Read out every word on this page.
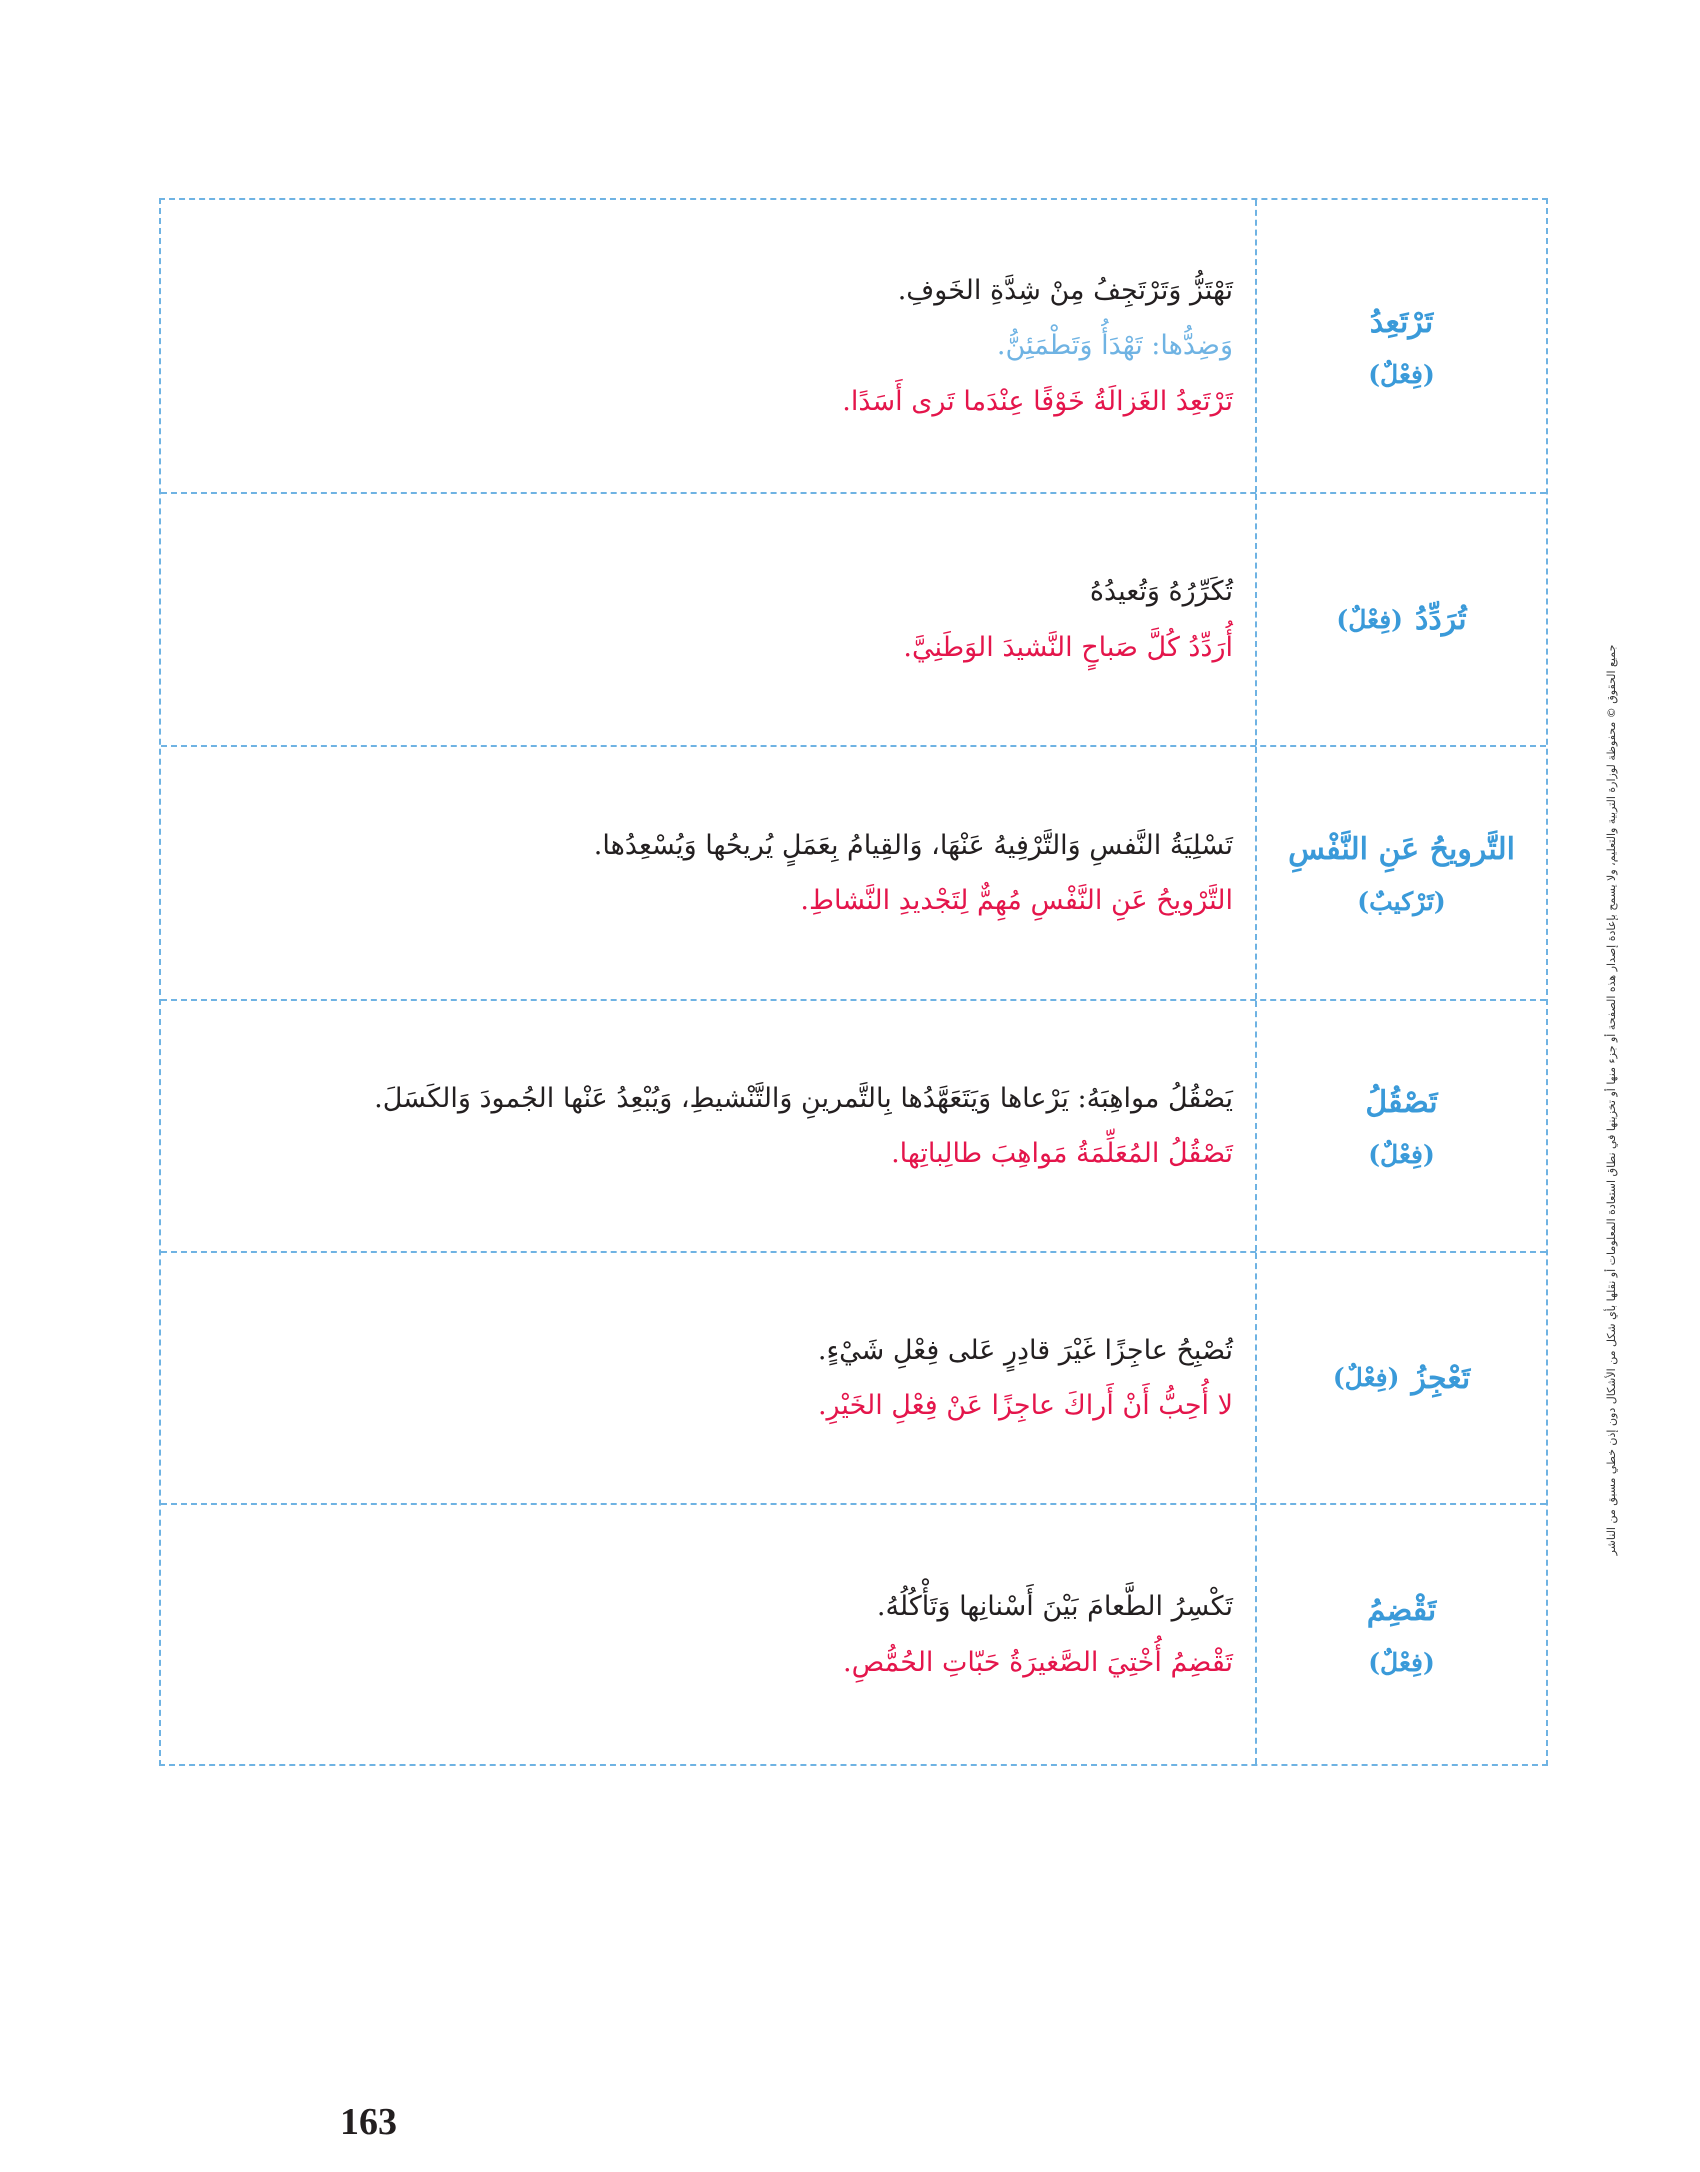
تَرْتَعِدُ
(فِعْلٌ)
تَهْتَزُّ وَتَرْتَجِفُ مِنْ شِدَّةِ الخَوفِ.
وَضِدُّها: تَهْدَأُ وَتَطْمَئِنُّ.
تَرْتَعِدُ الغَزالَةُ خَوْفًا عِنْدَما تَرى أَسَدًا.
تُرَدِّدُ
(فِعْلٌ)
تُكَرِّرُهُ وَتُعيدُهُ
أُرَدِّدُ كُلَّ صَباحٍ النَّشيدَ الوَطَنِيَّ.
التَّرويحُ عَنِ النَّفْسِ
(تَرْكيبٌ)
تَسْلِيَةُ النَّفسِ وَالتَّرْفِيهُ عَنْهَا، وَالقِيامُ بِعَمَلٍ يُريحُها وَيُسْعِدُها.
التَّرْويحُ عَنِ النَّفْسِ مُهِمٌّ لِتَجْديدِ النَّشاطِ.
تَصْقُلُ
(فِعْلٌ)
يَصْقُلُ مواهِبَهُ: يَرْعاها وَيَتَعَهَّدُها بِالتَّمرينِ وَالتَّنْشيطِ، وَيُبْعِدُ عَنْها الجُمودَ وَالكَسَلَ.
تَصْقُلُ المُعَلِّمَةُ مَواهِبَ طالِباتِها.
تَعْجِزُ
(فِعْلٌ)
تُصْبِحُ عاجِزًا غَيْرَ قادِرٍ عَلى فِعْلِ شَيْءٍ.
لا أُحِبُّ أَنْ أَراكَ عاجِزًا عَنْ فِعْلِ الخَيْرِ.
تَقْضِمُ
(فِعْلٌ)
تَكْسِرُ الطَّعامَ بَيْنَ أَسْنانِها وَتَأْكُلُهُ.
تَقْضِمُ أُخْتِيَ الصَّغيرَةُ حَبّاتِ الحُمُّصِ.
جميع الحقوق © محفوظة لوزارة التربية والتعليم، ولا يسمح بإعادة إصدار هذه الصفحة أو جزء منها أو تخزينها في نطاق استعادة المعلومات أو نقلها بأي شكل من الأشكال دون إذن خطي مسبق من الناشر
163
